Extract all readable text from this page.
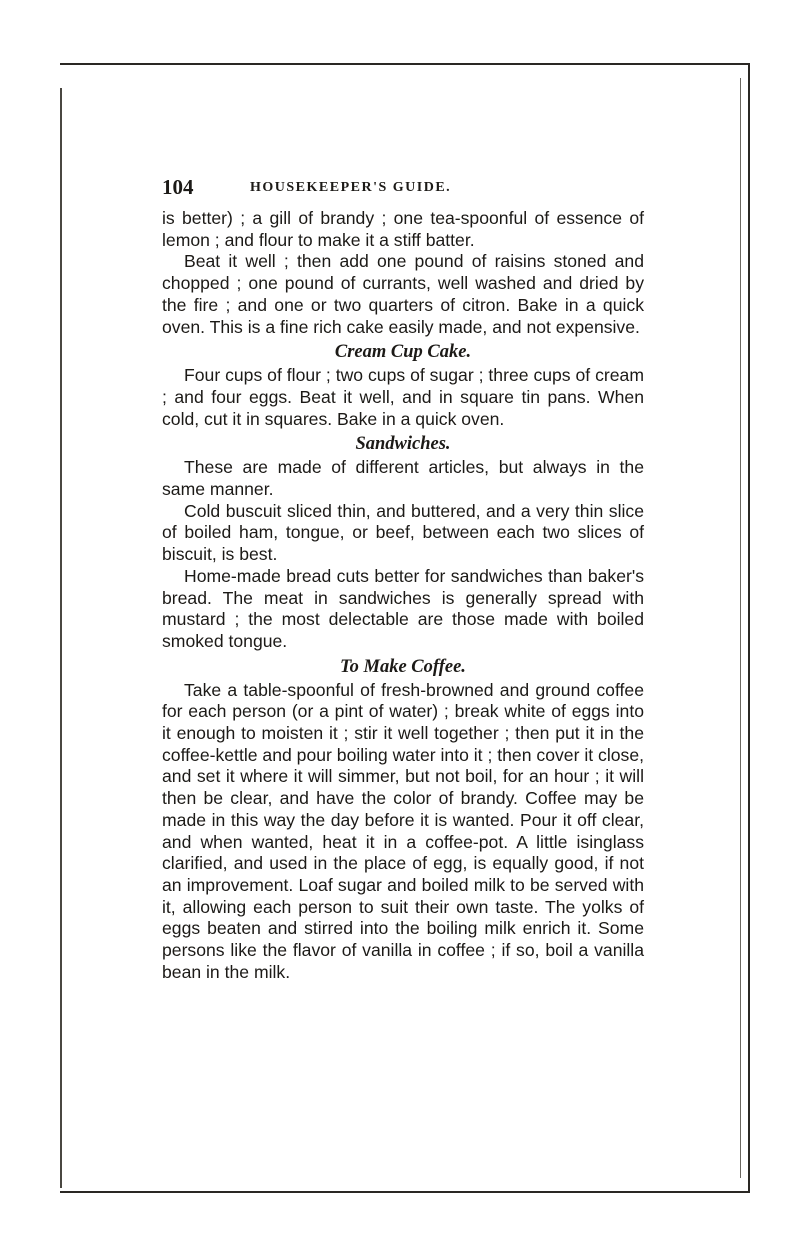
104	HOUSEKEEPER'S GUIDE.

is better) ; a gill of brandy ; one tea-spoonful of essence of lemon ; and flour to make it a stiff batter.

Beat it well ; then add one pound of raisins stoned and chopped ; one pound of currants, well washed and dried by the fire ; and one or two quarters of citron. Bake in a quick oven. This is a fine rich cake easily made, and not expensive.

Cream Cup Cake.

Four cups of flour ; two cups of sugar ; three cups of cream ; and four eggs. Beat it well, and in square tin pans. When cold, cut it in squares. Bake in a quick oven.

Sandwiches.

These are made of different articles, but always in the same manner.

Cold buscuit sliced thin, and buttered, and a very thin slice of boiled ham, tongue, or beef, between each two slices of biscuit, is best.

Home-made bread cuts better for sandwiches than baker's bread. The meat in sandwiches is generally spread with mustard ; the most delectable are those made with boiled smoked tongue.

To Make Coffee.

Take a table-spoonful of fresh-browned and ground coffee for each person (or a pint of water) ; break white of eggs into it enough to moisten it ; stir it well together ; then put it in the coffee-kettle and pour boiling water into it ; then cover it close, and set it where it will simmer, but not boil, for an hour ; it will then be clear, and have the color of brandy. Coffee may be made in this way the day before it is wanted. Pour it off clear, and when wanted, heat it in a coffee-pot. A little isinglass clarified, and used in the place of egg, is equally good, if not an improvement. Loaf sugar and boiled milk to be served with it, allowing each person to suit their own taste. The yolks of eggs beaten and stirred into the boiling milk enrich it. Some persons like the flavor of vanilla in coffee ; if so, boil a vanilla bean in the milk.
